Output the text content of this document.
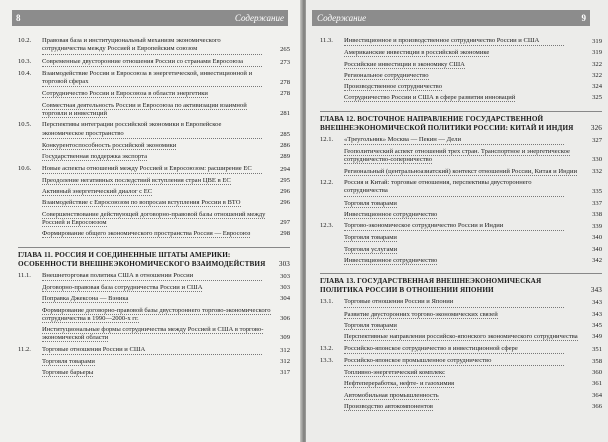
8	Содержание
10.2. Правовая база и институциональный механизм экономического сотрудничества между Россией и Европейским союзом	265
10.3. Современные двусторонние отношения России со странами Евросоюза	273
10.4. Взаимодействие России и Евросоюза в энергетической, инвестиционной и торговой сферах	278
Сотрудничество России и Евросоюза в области энергетики	278
Совместная деятельность России и Евросоюза по активизации взаимной торговли и инвестиций	281
10.5. Перспективы интеграции российской экономики в Европейское экономическое пространство	285
Конкурентоспособность российской экономики	286
Государственная поддержка экспорта	289
10.6. Новые аспекты отношений между Россией и Евросоюзом: расширение ЕС	294
Преодоление негативных последствий вступления стран ЦВЕ в ЕС	295
Активный энергетический диалог с ЕС	296
Взаимодействие с Евросоюзом по вопросам вступления России в ВТО	296
Совершенствование действующей договорно-правовой базы отношений между Россией и Евросоюзом	297
Формирование общего экономического пространства Россия — Евросоюз	298
ГЛАВА 11. РОССИЯ И СОЕДИНЕННЫЕ ШТАТЫ АМЕРИКИ: ОСОБЕННОСТИ ВНЕШНЕЭКОНОМИЧЕСКОГО ВЗАИМОДЕЙСТВИЯ	303
11.1. Внешнеторговая политика США в отношении России	303
Договорно-правовая база сотрудничества России и США	303
Поправка Джексона — Вэника	304
Формирование договорно-правовой базы двустороннего торгово-экономического сотрудничества в 1990—2000-х гг.	306
Институциональные формы сотрудничества между Россией и США в торгово-экономической области	309
11.2. Торговые отношения России и США	312
Торговля товарами	312
Торговые барьеры	317
Содержание	9
11.3. Инвестиционное и производственное сотрудничество России и США	319
Американские инвестиции в российской экономике	319
Российские инвестиции в экономику США	322
Региональное сотрудничество	322
Производственное сотрудничество	324
Сотрудничество России и США в сфере развития инноваций	325
ГЛАВА 12. ВОСТОЧНОЕ НАПРАВЛЕНИЕ ГОСУДАРСТВЕННОЙ ВНЕШНЕЭКОНОМИЧЕСКОЙ ПОЛИТИКИ РОССИИ: КИТАЙ И ИНДИЯ	326
12.1. «Треугольник» Москва — Пекин — Дели	327
Геополитический аспект отношений трех стран. Транспортное и энергетическое сотрудничество-соперничество	330
Региональный (центральноазиатский) контекст отношений России, Китая и Индии 332
12.2. Россия и Китай: торговые отношения, перспективы двустороннего сотрудничества	335
Торговля товарами	337
Инвестиционное сотрудничество	338
12.3. Торгово-экономическое сотрудничество России и Индии	339
Торговля товарами	340
Торговля услугами	340
Инвестиционное сотрудничество	342
ГЛАВА 13. ГОСУДАРСТВЕННАЯ ВНЕШНЕЭКОНОМИЧЕСКАЯ ПОЛИТИКА РОССИИ В ОТНОШЕНИИ ЯПОНИИ	343
13.1. Торговые отношения России и Японии	343
Развитие двусторонних торгово-экономических связей	343
Торговля товарами	345
Перспективные направления российско-японского экономического сотрудничества 349
13.2. Российско-японское сотрудничество в инвестиционной сфере	351
13.3. Российско-японское промышленное сотрудничество	358
Топливно-энергетический комплекс	360
Нефтепереработка, нефте- и газохимия	361
Автомобильная промышленность	364
Производство автокомпонентов	366
